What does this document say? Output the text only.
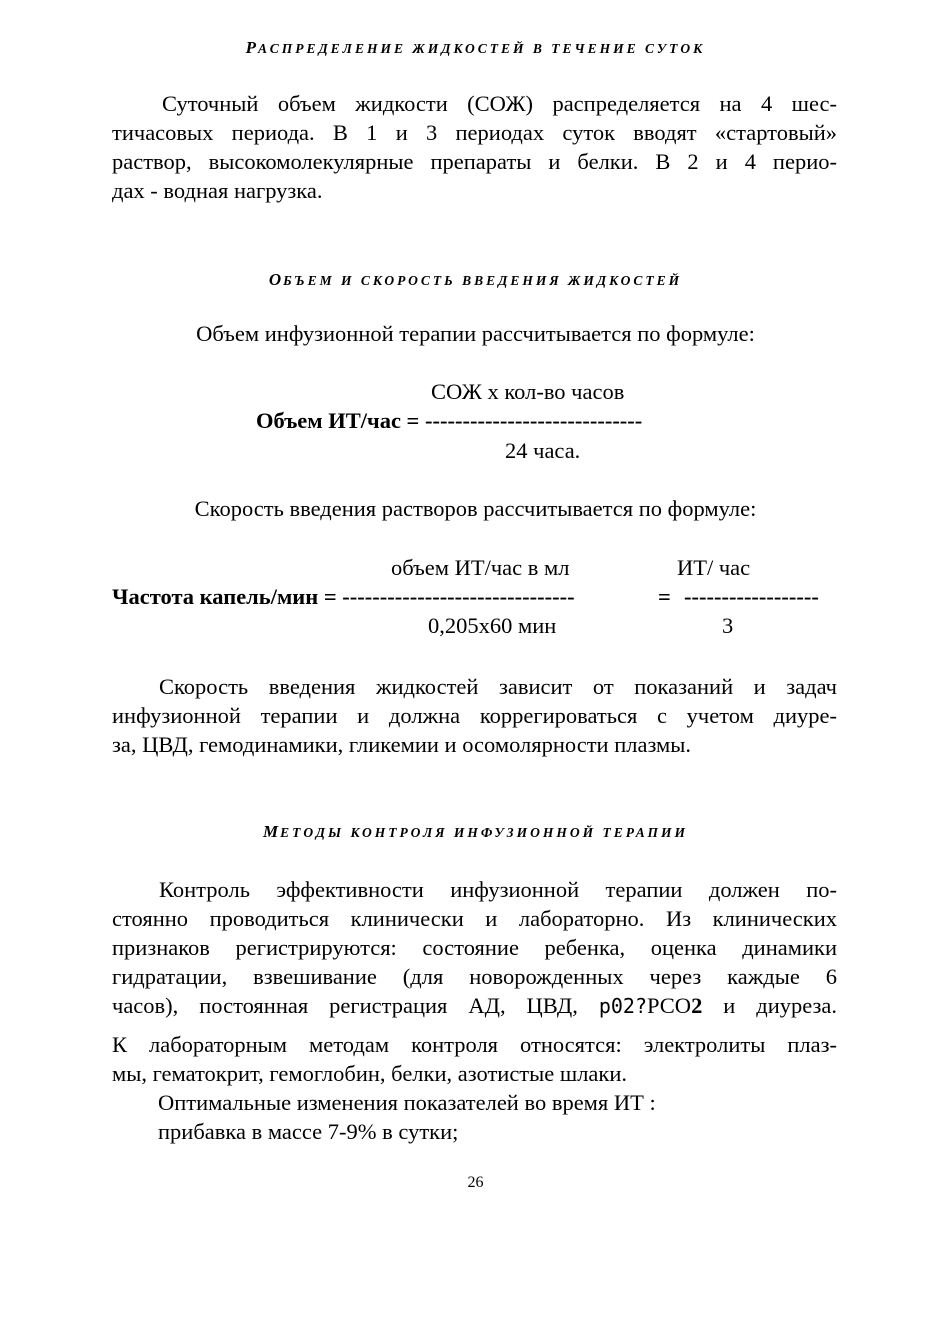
РАСПРЕДЕЛЕНИЕ ЖИДКОСТЕЙ В ТЕЧЕНИЕ СУТОК
Суточный объем жидкости (СОЖ) распределяется на 4 шес-
тичасовых периода. В 1 и 3 периодах суток вводят «стартовый»
раствор, высокомолекулярные препараты и белки. В 2 и 4 перио-
дах - водная нагрузка.
ОБЪЕМ И СКОРОСТЬ ВВЕДЕНИЯ ЖИДКОСТЕЙ
Объем инфузионной терапии рассчитывается по формуле:
СОЖ х кол-во часов
Объем ИТ/час = -----------------------------
24 часа.
Скорость введения растворов рассчитывается по формуле:
объем ИТ/час в мл	ИТ/ час
Частота капель/мин = -------------------------------	= ------------------
0,205х60 мин	3
Скорость введения жидкостей зависит от показаний и задач
инфузионной терапии и должна коррегироваться с учетом диуре-
за, ЦВД, гемодинамики, гликемии и осомолярности плазмы.
МЕТОДЫ КОНТРОЛЯ ИНФУЗИОННОЙ ТЕРАПИИ
Контроль эффективности инфузионной терапии должен по-
стоянно проводиться клинически и лабораторно. Из клинических
признаков регистрируются: состояние ребенка, оценка динамики
гидратации, взвешивание (для новорожденных через каждые 6
часов), постоянная регистрация АД, ЦВД, р02?РСО2 и диуреза.
К лабораторным методам контроля относятся: электролиты плаз-
мы, гематокрит, гемоглобин, белки, азотистые шлаки.
Оптимальные изменения показателей во время ИТ :
прибавка в массе 7-9% в сутки;
26
